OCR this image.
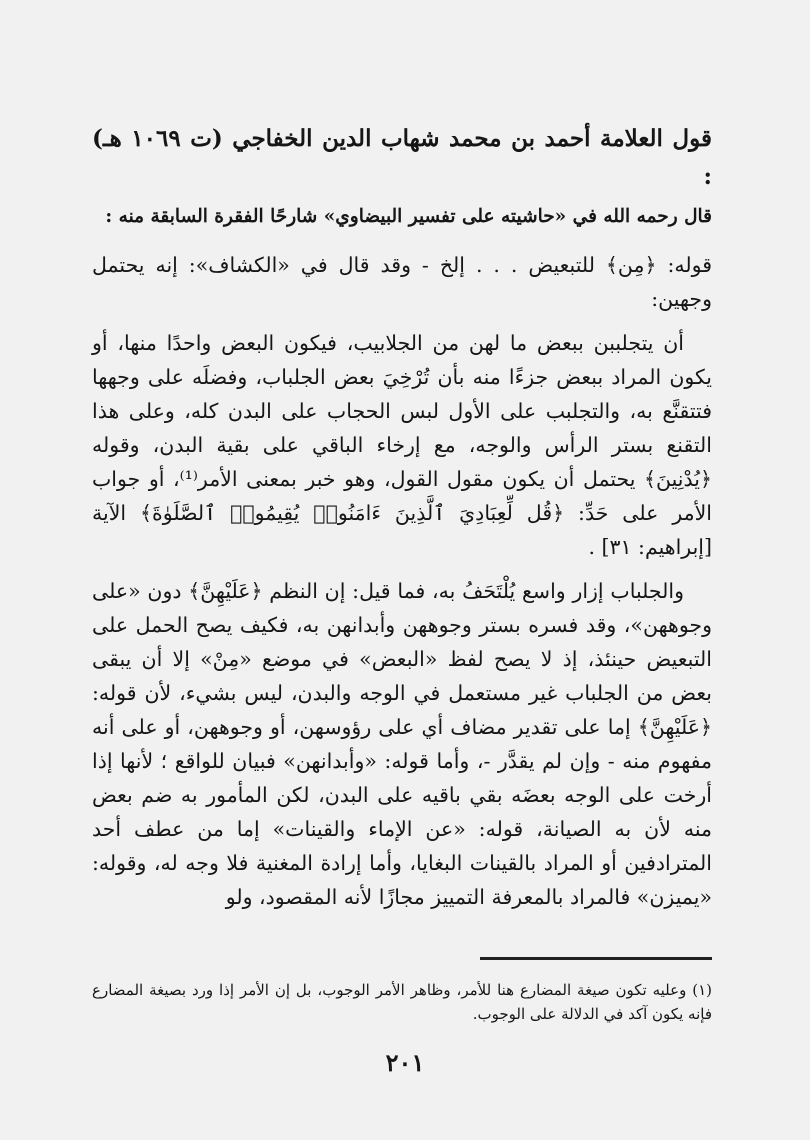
قول العلامة أحمد بن محمد شهاب الدين الخفاجي (ت ١٠٦٩ هـ) :
قال رحمه الله في «حاشيته على تفسير البيضاوي» شارحًا الفقرة السابقة منه :

قوله: ﴿مِن﴾ للتبعيض . . . إلخ - وقد قال في «الكشاف»: إنه يحتمل وجهين:

أن يتجلببن ببعض ما لهن من الجلابيب، فيكون البعض واحدًا منها، أو يكون المراد ببعض جزءًا منه بأن تُرْخِيَ بعض الجلباب، وفضلَه على وجهها فتتقنَّع به، والتجلبب على الأول لبس الحجاب على البدن كله، وعلى هذا التقنع بستر الرأس والوجه، مع إرخاء الباقي على بقية البدن، وقوله ﴿يُدْنِينَ﴾ يحتمل أن يكون مقول القول، وهو خبر بمعنى الأمر⁽¹⁾، أو جواب الأمر على حَدِّ: ﴿قُل لِّعِبَادِيَ ٱلَّذِينَ ءَامَنُوا۟ يُقِيمُوا۟ ٱلصَّلَوٰةَ﴾ الآية [إبراهيم: ٣١] .

والجلباب إزار واسع يُلْتَحَفُ به، فما قيل: إن النظم ﴿عَلَيْهِنَّ﴾ دون «على وجوههن»، وقد فسره بستر وجوههن وأبدانهن به، فكيف يصح الحمل على التبعيض حينئذ، إذ لا يصح لفظ «البعض» في موضع «مِنْ» إلا أن يبقى بعض من الجلباب غير مستعمل في الوجه والبدن، ليس بشيء، لأن قوله: ﴿عَلَيْهِنَّ﴾ إما على تقدير مضاف أي على رؤوسهن، أو وجوههن، أو على أنه مفهوم منه - وإن لم يقدَّر -، وأما قوله: «وأبدانهن» فبيان للواقع ؛ لأنها إذا أرخت على الوجه بعضَه بقي باقيه على البدن، لكن المأمور به ضم بعض منه لأن به الصيانة، قوله: «عن الإماء والقينات» إما من عطف أحد المترادفين أو المراد بالقينات البغايا، وأما إرادة المغنية فلا وجه له، وقوله: «يميزن» فالمراد بالمعرفة التمييز مجازًا لأنه المقصود، ولو

(١) وعليه تكون صيغة المضارع هنا للأمر، وظاهر الأمر الوجوب، بل إن الأمر إذا ورد بصيغة المضارع فإنه يكون آكد في الدلالة على الوجوب.
٢٠١
